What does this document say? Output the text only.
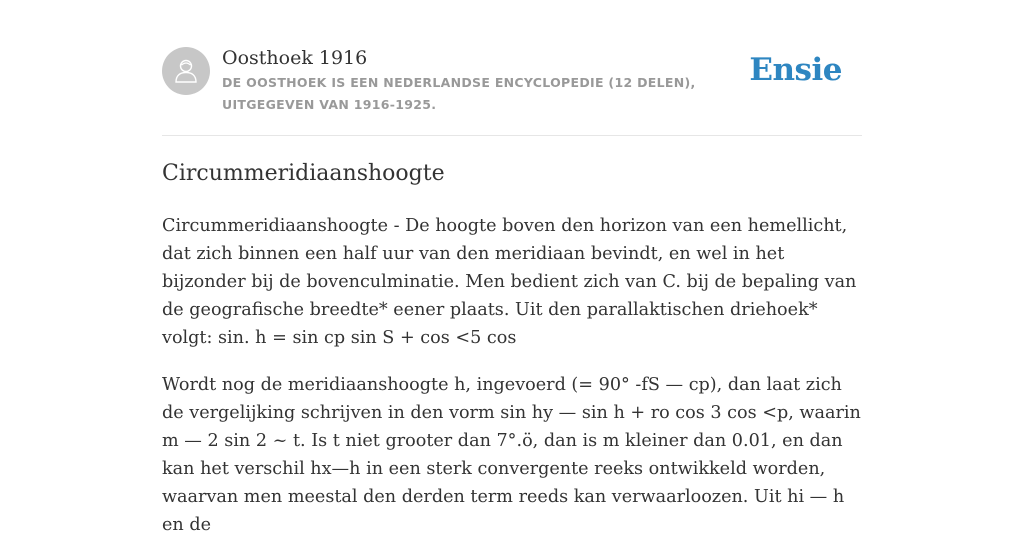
Oosthoek 1916
DE OOSTHOEK IS EEN NEDERLANDSE ENCYCLOPEDIE (12 DELEN), UITGEGEVEN VAN 1916-1925.
Ensie
Circummeridiaanshoogte

Circummeridiaanshoogte - De hoogte boven den horizon van een hemellicht, dat zich binnen een half uur van den meridiaan bevindt, en wel in het bijzonder bij de bovenculminatie. Men bedient zich van C. bij de bepaling van de geografische breedte* eener plaats. Uit den parallaktischen driehoek* volgt: sin. h = sin cp sin S + cos <5 cos

Wordt nog de meridiaanshoogte h, ingevoerd (= 90° -fS — cp), dan laat zich de vergelijking schrijven in den vorm sin hy — sin h + ro cos 3 cos <p, waarin m — 2 sin 2 ~ t. Is t niet grooter dan 7°.ö, dan is m kleiner dan 0.01, en dan kan het verschil hx—h in een sterk convergente reeks ontwikkeld worden, waarvan men meestal den derden term reeds kan verwaarloozen. Uit hi — h en de
